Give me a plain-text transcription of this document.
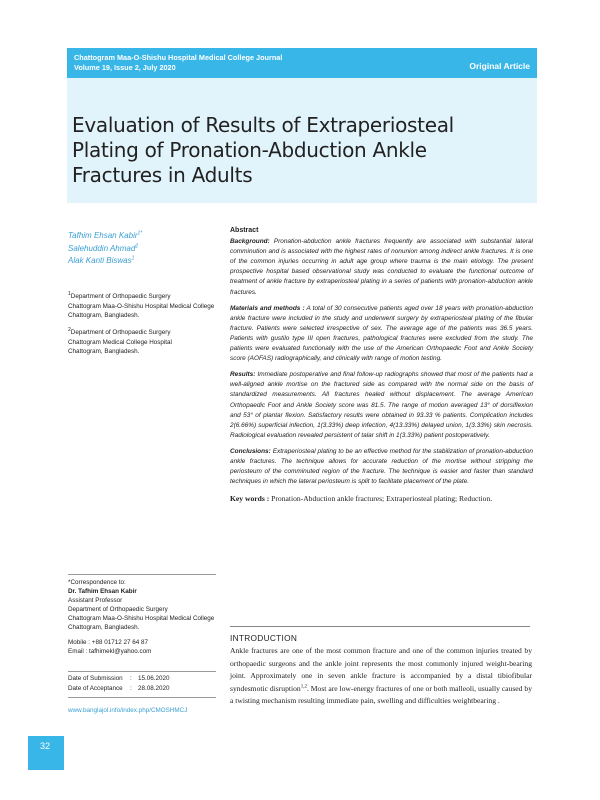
Chattogram Maa-O-Shishu Hospital Medical College Journal
Volume 19, Issue 2, July 2020	Original Article
Evaluation of Results of Extraperiosteal Plating of Pronation-Abduction Ankle Fractures in Adults
Tafhim Ehsan Kabir$^{1*}$
Salehuddin Ahmad$^2$
Alak Kanti Biswas$^1$
$^1$Department of Orthopaedic Surgery
Chattogram Maa-O-Shishu Hospital Medical College
Chattogram, Bangladesh.
$^2$Department of Orthopaedic Surgery
Chattogram Medical College Hospital
Chattogram, Bangladesh.
*Correspondence to:
Dr. Tafhim Ehsan Kabir
Assistant Professor
Department of Orthopaedic Surgery
Chattogram Maa-O-Shishu Hospital Medical College
Chattogram, Bangladesh.
Mobile : +88 01712 27 64 87
Email : tafhimekl@yahoo.com
Date of Submission : 15.06.2020
Date of Acceptance : 28.08.2020
www.banglajol.info/index.php/CMOSHMCJ
Abstract

Background: Pronation-abduction ankle fractures frequently are associated with substantial lateral comminution and is associated with the highest rates of nonunion among indirect ankle fractures. It is one of the common injuries occurring in adult age group where trauma is the main etiology. The present prospective hospital based observational study was conducted to evaluate the functional outcome of treatment of ankle fracture by extraperiosteal plating in a series of patients with pronation-abduction ankle fractures.

Materials and methods : A total of 30 consecutive patients aged over 18 years with pronation-abduction ankle fracture were included in the study and underwent surgery by extraperiosteal plating of the fibular fracture. Patients were selected irrespective of sex. The average age of the patients was 36.5 years. Patients with gustilo type III open fractures, pathological fractures were excluded from the study. The patients were evaluated functionally with the use of the American Orthopaedic Foot and Ankle Society score (AOFAS) radiographically, and clinically with range of motion testing.

Results: Immediate postoperative and final follow-up radiographs showed that most of the patients had a well-aligned ankle mortise on the fractured side as compared with the normal side on the basis of standardized measurements. All fractures healed without displacement. The average American Orthopaedic Foot and Ankle Society score was 81.5. The range of motion averaged 13° of dorsiflexion and 53° of plantar flexion. Satisfactory results were obtained in 93.33 % patients. Complication includes 2(6.66%) superficial infection, 1(3.33%) deep infection, 4(13.33%) delayed union, 1(3.33%) skin necrosis. Radiological evaluation revealed persistent of talar shift in 1(3.33%) patient postoperatively.

Conclusions: Extraperiosteal plating to be an effective method for the stabilization of pronation-abduction ankle fractures. The technique allows for accurate reduction of the mortise without stripping the periosteum of the comminuted region of the fracture. The technique is easier and faster than standard techniques in which the lateral periosteum is split to facilitate placement of the plate.

Key words : Pronation-Abduction ankle fractures; Extraperiosteal plating; Reduction.

INTRODUCTION
Ankle fractures are one of the most common fracture and one of the common injuries treated by orthopaedic surgeons and the ankle joint represents the most commonly injured weight-bearing joint. Approximately one in seven ankle fracture is accompanied by a distal tibiofibular syndesmotic disruption$^{1,2}$. Most are low-energy fractures of one or both malleoli, usually caused by a twisting mechanism resulting immediate pain, swelling and difficulties weightbearing .
32
